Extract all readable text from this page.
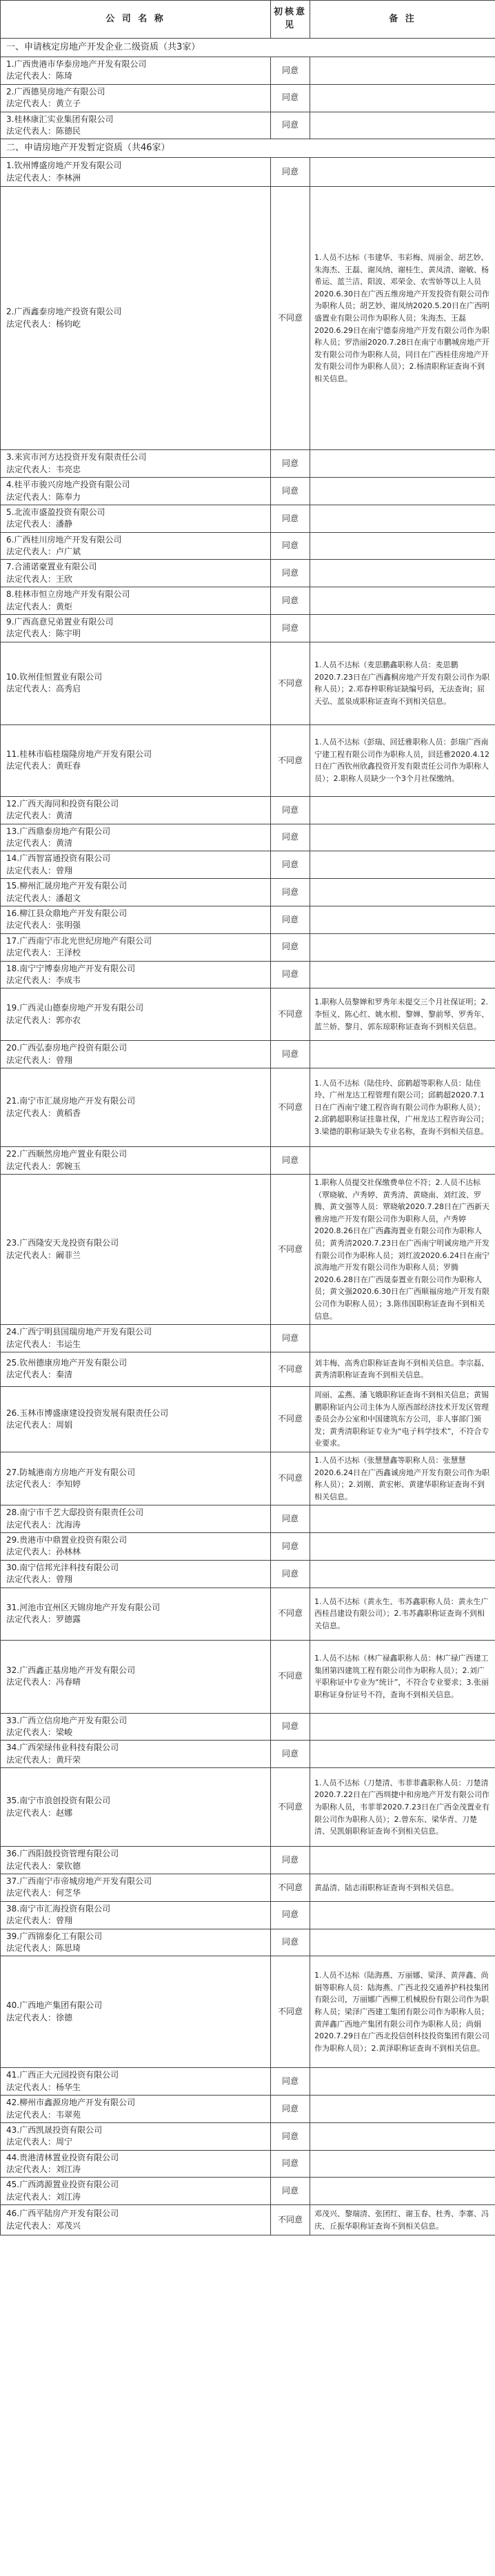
公 司 名 称	初核意见	备 注
一、申请核定房地产开发企业二级资质（共3家）		

1.广西贵港市华泰房地产开发有限公司
法定代表人：陈琦	同意	

2.广西德昊房地产有限公司
法定代表人：黄立子	同意	

3.桂林康汇实业集团有限公司
法定代表人：陈德民	同意	
二、申请房地产开发暂定资质（共46家）		

1.钦州博盛房地产开发有限公司
法定代表人：李林洲	同意	

2.广西鑫泰房地产投资有限公司
法定代表人：杨钧屹	不同意	1.人员不达标（韦建华、韦彩梅、周丽金、胡艺妙、朱海杰、王磊、谢凤纳、谢桂生、黄凤清、谢敏、杨希运、蓝兰洁、阳波、邓荣金、农雪娇等以上人员2020.6.30日在广西五维房地产开发投资有限公司作为职称人员；胡艺妙、谢凤纳2020.5.20日在广西明盛置业有限公司作为职称人员；朱海杰、王磊2020.6.29日在南宁德泰房地产开发有限公司作为职称人员；罗浩丽2020.7.28日在南宁市鹏城房地产开发有限公司作为职称人员，同日在广西桂佳房地产开发有限公司作为职称人员）；2.杨清职称证查询不到相关信息。

3.来宾市河方达投资开发有限责任公司
法定代表人：韦亮忠	同意	

4.桂平市骏兴房地产投资有限公司
法定代表人：陈奉力	同意	

5.北流市盛盈投资有限公司
法定代表人：潘静	同意	

6.广西桂川房地产开发有限公司
法定代表人：卢广斌	同意	

7.合浦诺豪置业有限公司
法定代表人：王欣	同意	

8.桂林市恒立房地产开发有限公司
法定代表人：黄炬	同意	

9.广西高意兄弟置业有限公司
法定代表人：陈宇明	同意	

10.钦州佳恒置业有限公司
法定代表人：高秀启	不同意	1.人员不达标（麦思鹏鑫职称人员：麦思鹏2020.7.23日在广西鑫桐房地产开发有限公司作为职称人员）；2.邓春梓职称证缺编号码，无法查询；屈天弘、蓝泉成职称证查询不到相关信息。

11.桂林市临桂瑞隆房地产开发有限公司
法定代表人：黄旺春	不同意	1.人员不达标（彭瑞、回廷雅职称人员：彭瑞广西南宁建工程有限公司作为职称人员，回廷雅2020.4.12日在广西钦州欣鑫投资开发有限责任公司作为职称人员）；2.职称人员缺少一个3个月社保缴纳。

12.广西天海同和投资有限公司
法定代表人：黄清	同意	

13.广西鼎泰房地产有限公司
法定代表人：黄清	同意	

14.广西智富通投资有限公司
法定代表人：曾翔	同意	

15.柳州汇晟房地产开发有限公司
法定代表人：潘超文	同意	

16.柳江县众鼎地产开发有限公司
法定代表人：张明强	同意	

17.广西南宁市北光世纪房地产有限公司
法定代表人：王泽校	同意	

18.南宁宁博泰房地产开发有限公司
法定代表人：李成韦	同意	

19.广西灵山德泰房地产开发有限公司
法定代表人：郭亦农	不同意	1.职称人员黎婵和罗秀年未提交三个月社保证明；2.李恒义、陈心红、姚水根、黎婵、黎前琴、罗秀年、蓝兰娇、黎月、郭东琼职称证查询不到相关信息。

20.广西弘泰房地产投资有限公司
法定代表人：曾翔	同意	

21.南宁市汇晟房地产开发有限公司
法定代表人：黄稻香	不同意	1.人员不达标（陆佳玲、邱鹤超等职称人员：陆佳玲、广州龙达工程管理有限公司；邱鹤超2020.7.1日在广西南宁建工程咨询有限公司作为职称人员）；2.邱鹤超职称证挂靠社保，广州龙达工程咨询公司；3.梁德的职称证缺失专业名称，查询不到相关信息。

22.广西顺然房地产置业有限公司
法定代表人：郭婉玉	同意	

23.广西隆安天龙投资有限公司
法定代表人：阚菲兰	不同意	1.职称人员提交社保缴费单位不符；2.人员不达标（覃晓敏、卢秀婷、黄秀清、黄晓南、刘红波、罗腾、黄文强等人员：覃晓敏2020.7.28日在广西新天雅房地产开发有限公司作为职称人员，卢秀婷2020.8.26日在广西鑫海置业有限公司作为职称人员；黄秀清2020.7.23日在广西南宁明诚房地产开发有限公司作为职称人员；刘红波2020.6.24日在南宁滨海地产开发有限公司作为职称人员；罗腾2020.6.28日在广西晟泰置业有限公司作为职称人员；黄文强2020.6.30日在广西顺福房地产开发有限公司作为职称人员）；3.陈伟国职称证查询不到相关信息。

24.广西宁明县国瑞房地产开发有限公司
法定代表人：韦运生	同意	

25.钦州德康房地产开发有限公司
法定代表人：秦清	不同意	刘丰梅、高秀启职称证查询不到相关信息。李宗磊、黄秀清职称证查询不到相关信息。

26.玉林市博盛康建设投资发展有限责任公司
法定代表人：周娟	不同意	周丽、孟燕、潘飞娥职称证查询不到相关信息；黄锡鹏职称证内公司主体为人原西部经济技术开发区管理委员会办公室和中国建筑东方公司，非人事部门颁发；黄秀清职称证专业为“电子科学技术”，不符合专业要求。

27.防城港南方房地产开发有限公司
法定代表人：李知婷	不同意	1.人员不达标（张慧慧鑫等职称人员：张慧慧2020.6.24日在广西鑫诚房地产开发有限公司作为职称人员）；2.刘刚、黄宏彬、黄建华职称证查询不到相关信息。

28.南宁市千艺大邸投资有限责任公司
法定代表人：沈海涛	同意	

29.贵港市中鼎置业投资有限公司
法定代表人：孙林林	同意	

30.南宁信邦光沣科技有限公司
法定代表人：曾翔	同意	

31.河池市宜州区天锦房地产开发有限公司
法定代表人：罗德露	不同意	1.人员不达标（黄永生、韦苏鑫职称人员：黄永生广西桂昌建设有限公司）；2.韦苏鑫职称证查询不到相关信息。

32.广西鑫正基房地产开发有限公司
法定代表人：冯春晴	不同意	1.人员不达标（林广禄鑫职称人员：林广禄广西建工集团第四建筑工程有限公司作为职称人员）；2.刘广平职称证中专业为“统计”，不符合专业要求；3.张丽职称证身份证号不符，查询不到相关信息。

33.广西立信房地产开发有限公司
法定代表人：梁峻	同意	

34.广西荣绿伟业科技有限公司
法定代表人：黄玕荣	同意	

35.南宁市浪创投资有限公司
法定代表人：赵娜	不同意	1.人员不达标（刀楚清、韦菲菲鑫职称人员：刀楚清2020.7.22日在广西圳捷中和房地产开发有限公司作为职称人员，韦菲菲2020.7.23日在广西金茂置业有限公司作为职称人员）；2.曾东东、梁华青、刀楚清、吴凯娟职称证查询不到相关信息。

36.广西阳鼓投资管理有限公司
法定代表人：蒙钦德	同意	

37.广西南宁市帝城房地产开发有限公司
法定代表人：何芝华	不同意	黄晶清、陆志雨职称证查询不到相关信息。

38.南宁市汇海投资有限公司
法定代表人：曾翔	同意	

39.广西锦泰化工有限公司
法定代表人：陈思琦	同意	

40.广西地产集团有限公司
法定代表人：徐德	不同意	1.人员不达标（陆海燕、万丽娜、梁泽、黄萍鑫、尚娟等职称人员：陆海燕、广西北投交通养护科技集团有限公司，万丽娜广西柳工机械股份有限公司作为职称人员；梁泽广西建工集团有限公司作为职称人员；黄萍鑫广西地产集团有限公司作为职称人员；尚娟2020.7.29日在广西北投信创科技投资集团有限公司作为职称人员）；2.黄泽职称证查询不到相关信息。

41.广西正大元园投资有限公司
法定代表人：杨华生	同意	

42.柳州市鑫源房地产开发有限公司
法定代表人：韦翠苑	同意	

43.广西凯晟投资有限公司
法定代表人：周宁	同意	

44.贵港清林置业投资有限公司
法定代表人：刘江涛	同意	

45.广西鸿源置业投资有限公司
法定代表人：刘江涛	同意	

46.广西平陆房产开发有限公司
法定代表人：邓茂兴	不同意	邓茂兴、黎瑞清、张团红、谢玉春、杜秀、李寨、冯庆、丘振华职称证查询不到相关信息。
